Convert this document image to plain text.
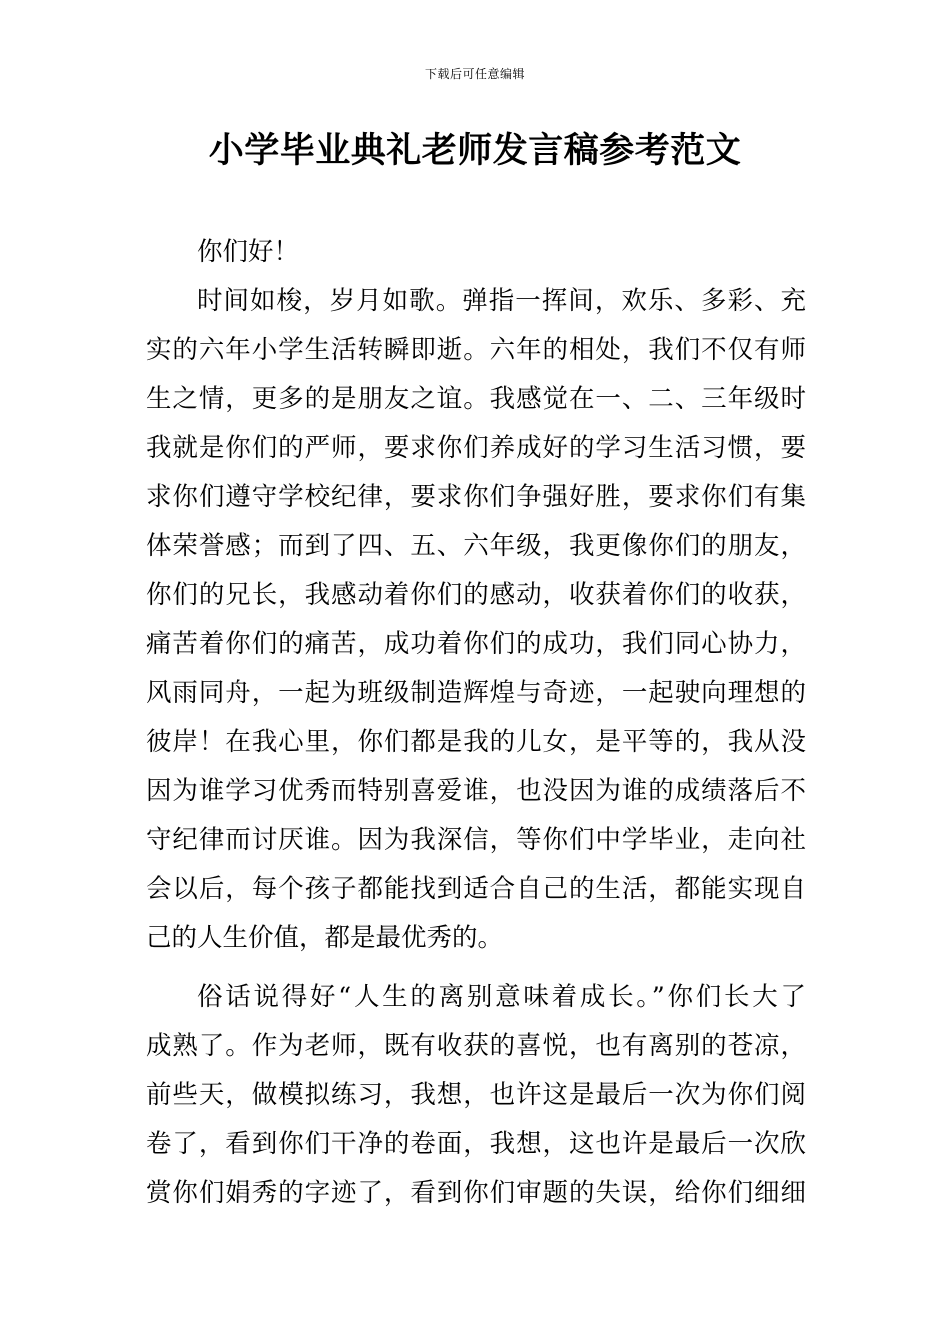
下载后可任意编辑
小学毕业典礼老师发言稿参考范文
你们好！
时间如梭，岁月如歌。弹指一挥间，欢乐、多彩、充
实的六年小学生活转瞬即逝。六年的相处，我们不仅有师
生之情，更多的是朋友之谊。我感觉在一、二、三年级时
我就是你们的严师，要求你们养成好的学习生活习惯，要
求你们遵守学校纪律，要求你们争强好胜，要求你们有集
体荣誉感；而到了四、五、六年级，我更像你们的朋友，
你们的兄长，我感动着你们的感动，收获着你们的收获，
痛苦着你们的痛苦，成功着你们的成功，我们同心协力，
风雨同舟，一起为班级制造辉煌与奇迹，一起驶向理想的
彼岸！在我心里，你们都是我的儿女，是平等的，我从没
因为谁学习优秀而特别喜爱谁，也没因为谁的成绩落后不
守纪律而讨厌谁。因为我深信，等你们中学毕业，走向社
会以后，每个孩子都能找到适合自己的生活，都能实现自
己的人生价值，都是最优秀的。
俗话说得好“人生的离别意味着成长。”你们长大了
成熟了。作为老师，既有收获的喜悦，也有离别的苍凉，
前些天，做模拟练习，我想，也许这是最后一次为你们阅
卷了，看到你们干净的卷面，我想，这也许是最后一次欣
赏你们娟秀的字迹了，看到你们审题的失误，给你们细细
